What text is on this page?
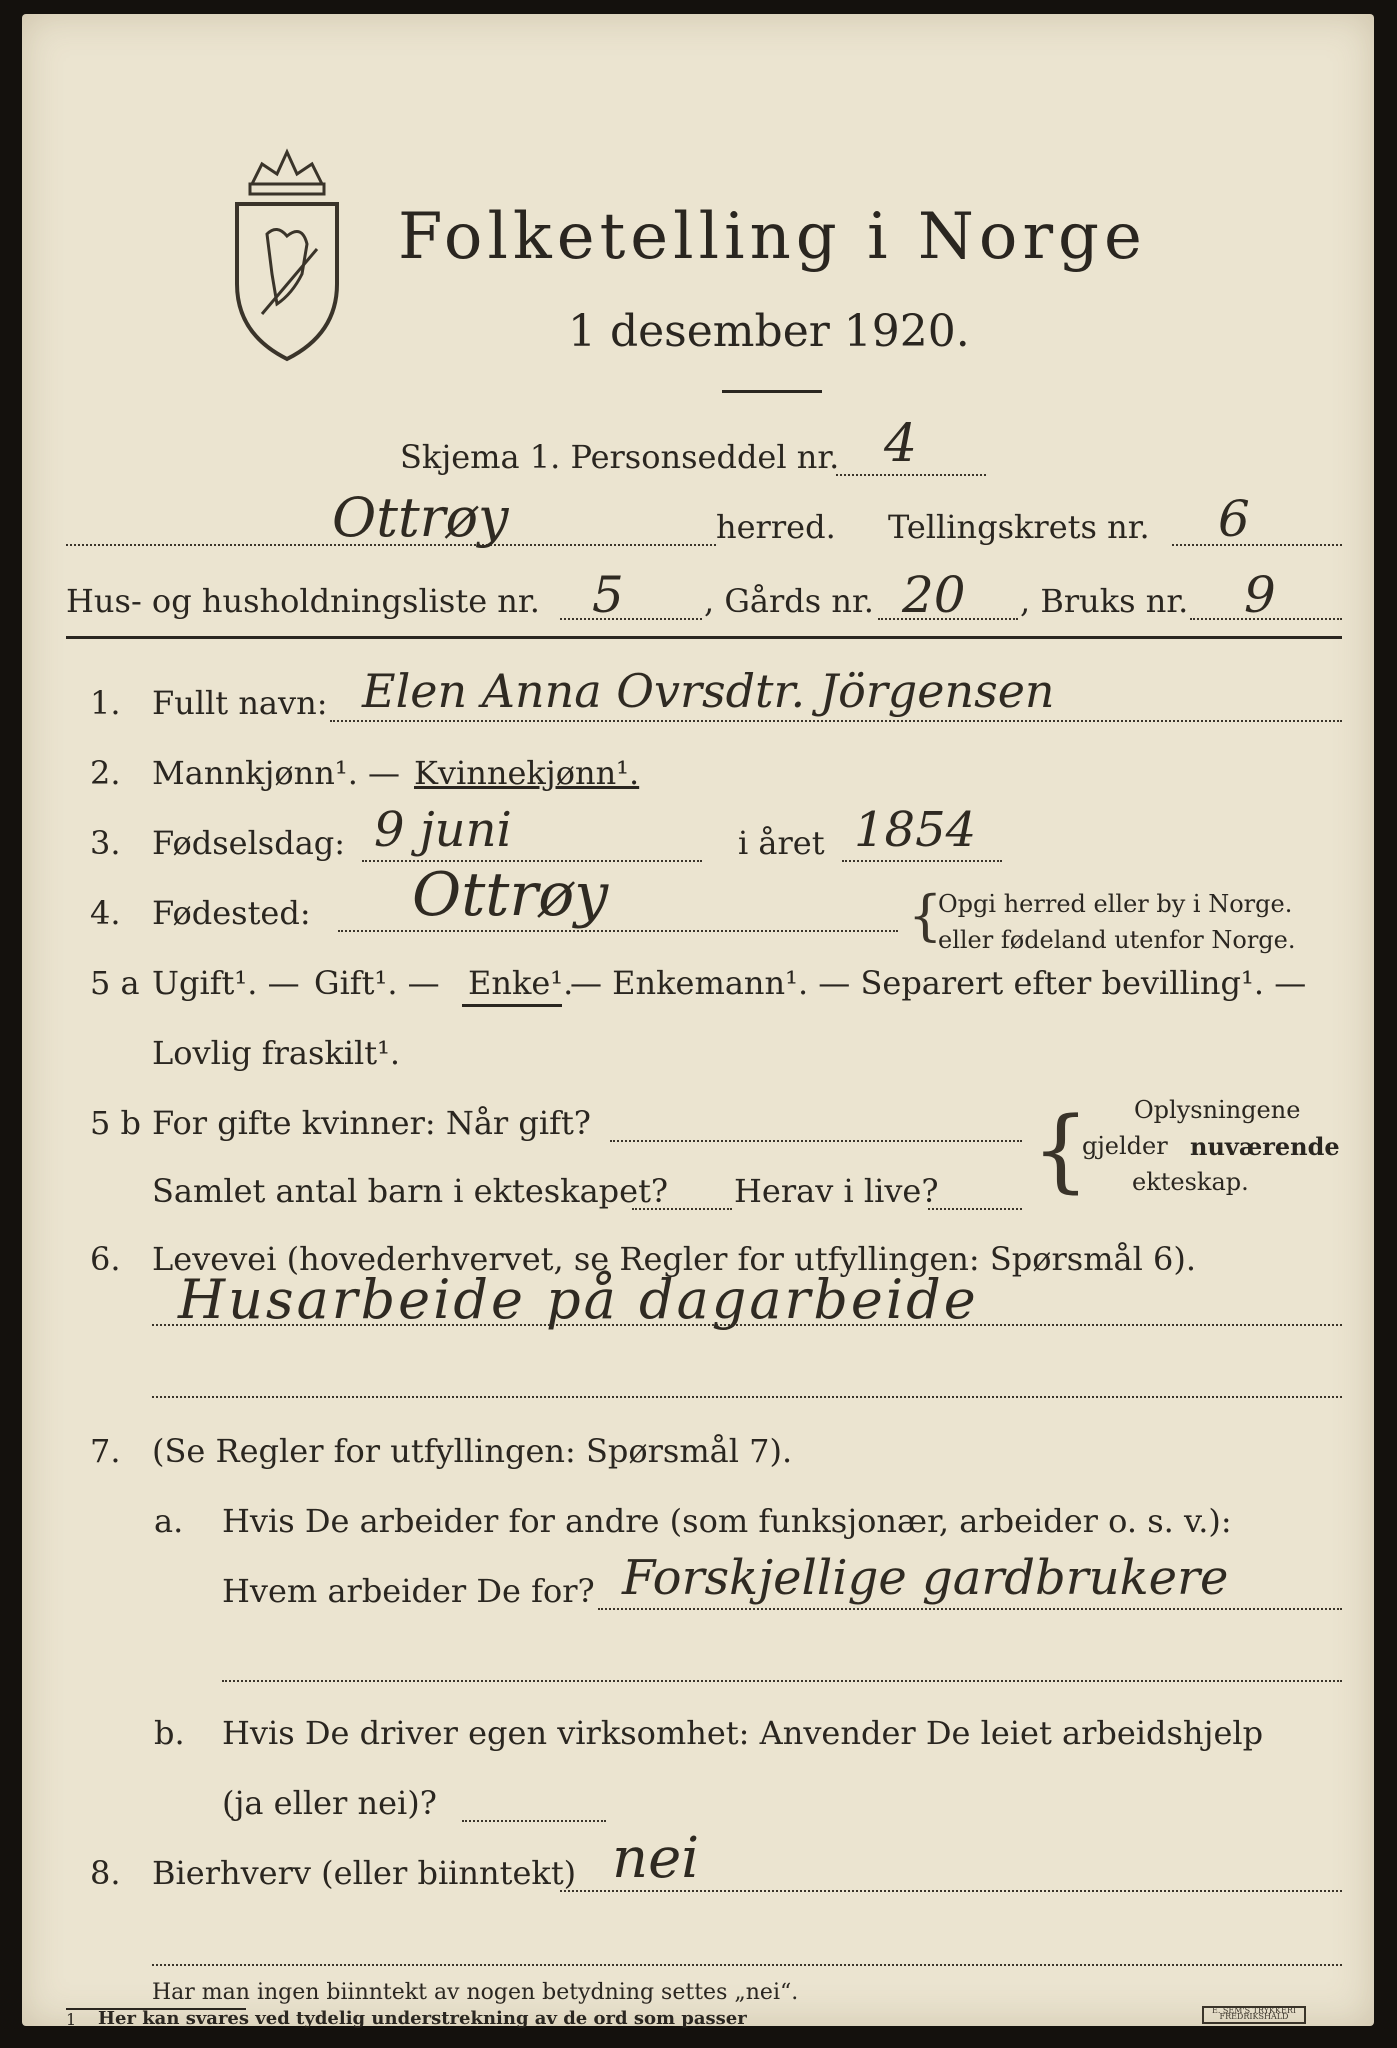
Folketelling i Norge
1 desember 1920.
Skjema 1. Personseddel nr. 4
Ottrøy	herred. Tellingskrets nr. 6
Hus- og husholdningsliste nr. 5	, Gårds nr. 20 , Bruks nr. 9
1. Fullt navn: Elen Anna Ovrsdtr. Jörgensen
2. Mannkjønn¹. — Kvinnekjønn¹.
3. Fødselsdag: 9 juni	i året 1854
4. Fødested: Ottrøy	{
Opgi herred eller by i Norge.
eller fødeland utenfor Norge.
5 a Ugift¹. — Gift¹. — Enke¹.
— Enkemann¹. — Separert efter bevilling¹. —
Lovlig fraskilt¹.
5 b For gifte kvinner: Når gift?
Samlet antal barn i ekteskapet? Herav i live? { Oplysningene
gjelder nuværende
ekteskap.
6. Levevei (hovederhvervet, se Regler for utfyllingen: Spørsmål 6).
Husarbeide på dagarbeide
7. (Se Regler for utfyllingen: Spørsmål 7).
a. Hvis De arbeider for andre (som funksjonær, arbeider o. s. v.):
Hvem arbeider De for? Forskjellige gardbrukere
b. Hvis De driver egen virksomhet: Anvender De leiet arbeidshjelp
(ja eller nei)?
8. Bierhverv (eller biinntekt) nei
Har man ingen biinntekt av nogen betydning settes „nei“.
1 Her kan svares ved tydelig understrekning av de ord som passer	E. SEM'S TRYKKERI FREDRIKSHALD
